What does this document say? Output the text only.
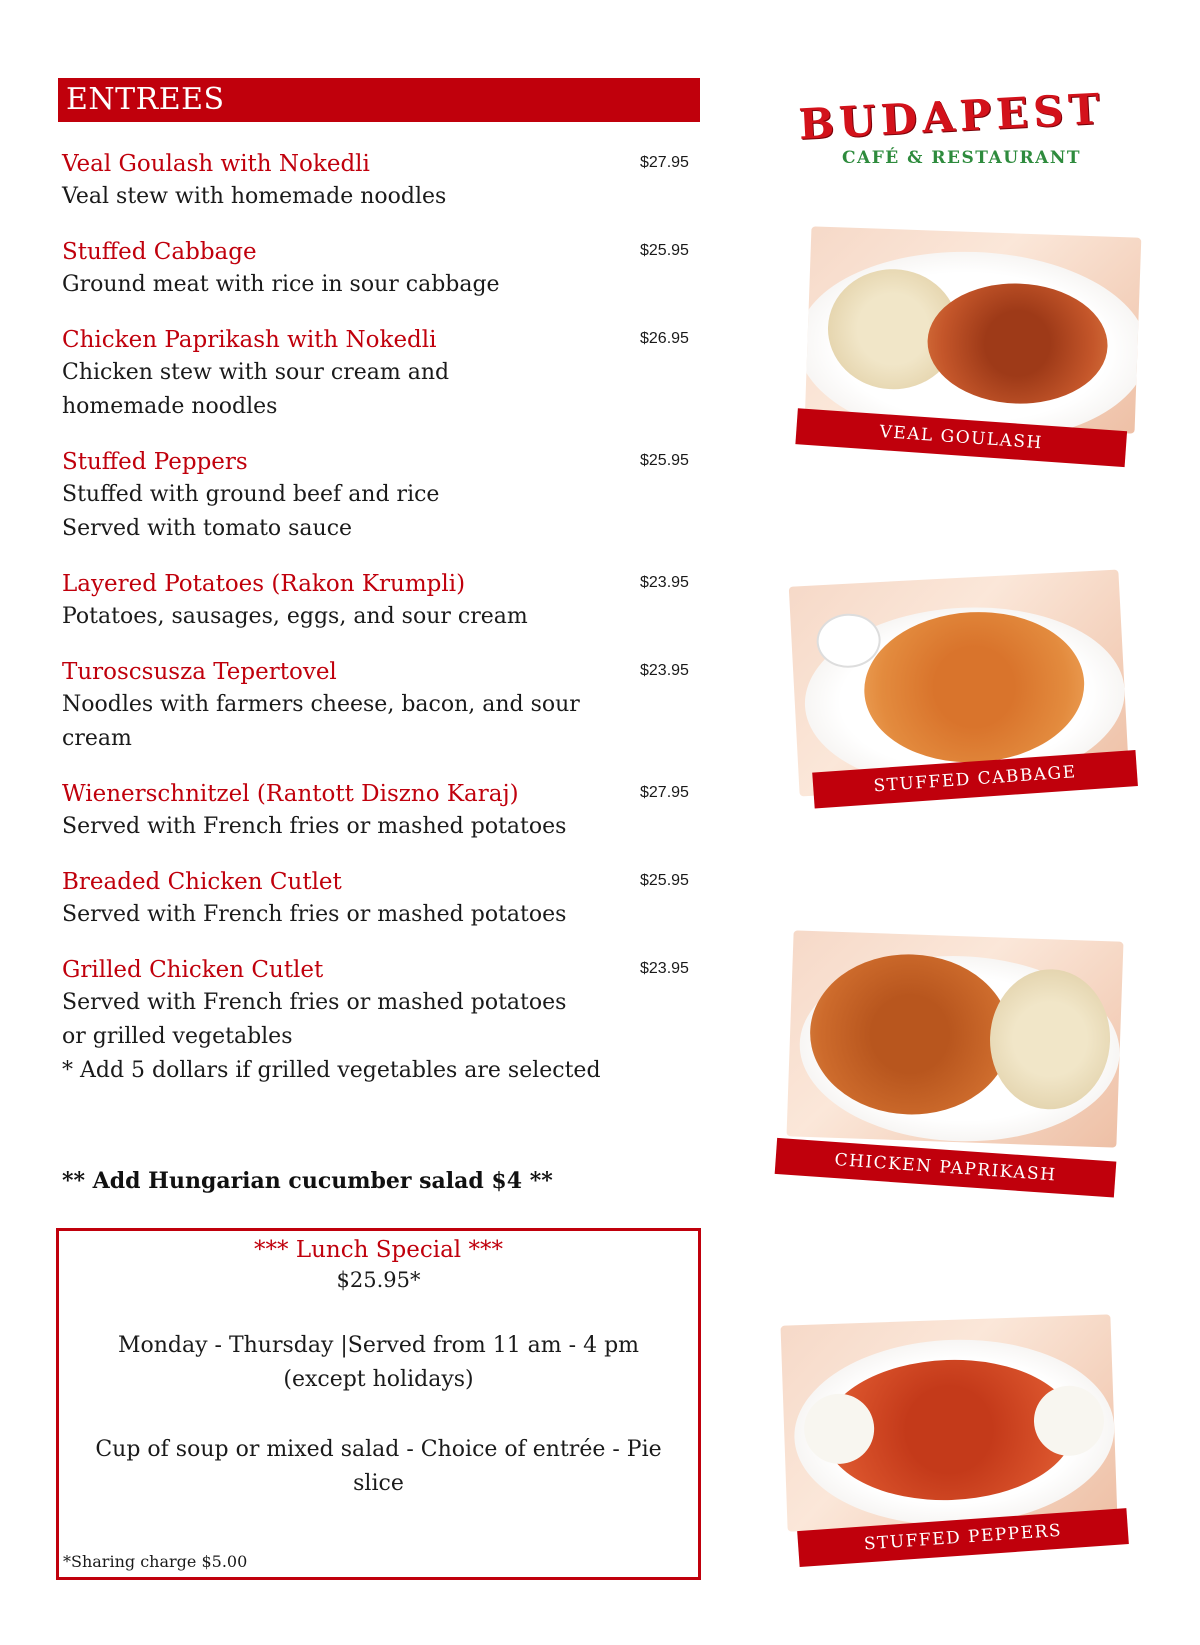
ENTREES
Veal Goulash with Nokedli	$27.95
Veal stew with homemade noodles
Stuffed Cabbage	$25.95
Ground meat with rice in sour cabbage
Chicken Paprikash with Nokedli	$26.95
Chicken stew with sour cream and
homemade noodles
Stuffed Peppers	$25.95
Stuffed with ground beef and rice
Served with tomato sauce
Layered Potatoes (Rakon Krumpli)	$23.95
Potatoes, sausages, eggs, and sour cream
Turoscsusza Tepertovel	$23.95
Noodles with farmers cheese, bacon, and sour
cream
Wienerschnitzel (Rantott Diszno Karaj)	$27.95
Served with French fries or mashed potatoes
Breaded Chicken Cutlet	$25.95
Served with French fries or mashed potatoes
Grilled Chicken Cutlet	$23.95
Served with French fries or mashed potatoes
or grilled vegetables
* Add 5 dollars if grilled vegetables are selected
** Add Hungarian cucumber salad $4 **
*** Lunch Special ***
$25.95*
Monday - Thursday |Served from 11 am - 4 pm
(except holidays)
Cup of soup or mixed salad - Choice of entrée - Pie slice
*Sharing charge $5.00
BUDAPEST
CAFÉ & RESTAURANT
VEAL GOULASH
STUFFED CABBAGE
CHICKEN PAPRIKASH
STUFFED PEPPERS
